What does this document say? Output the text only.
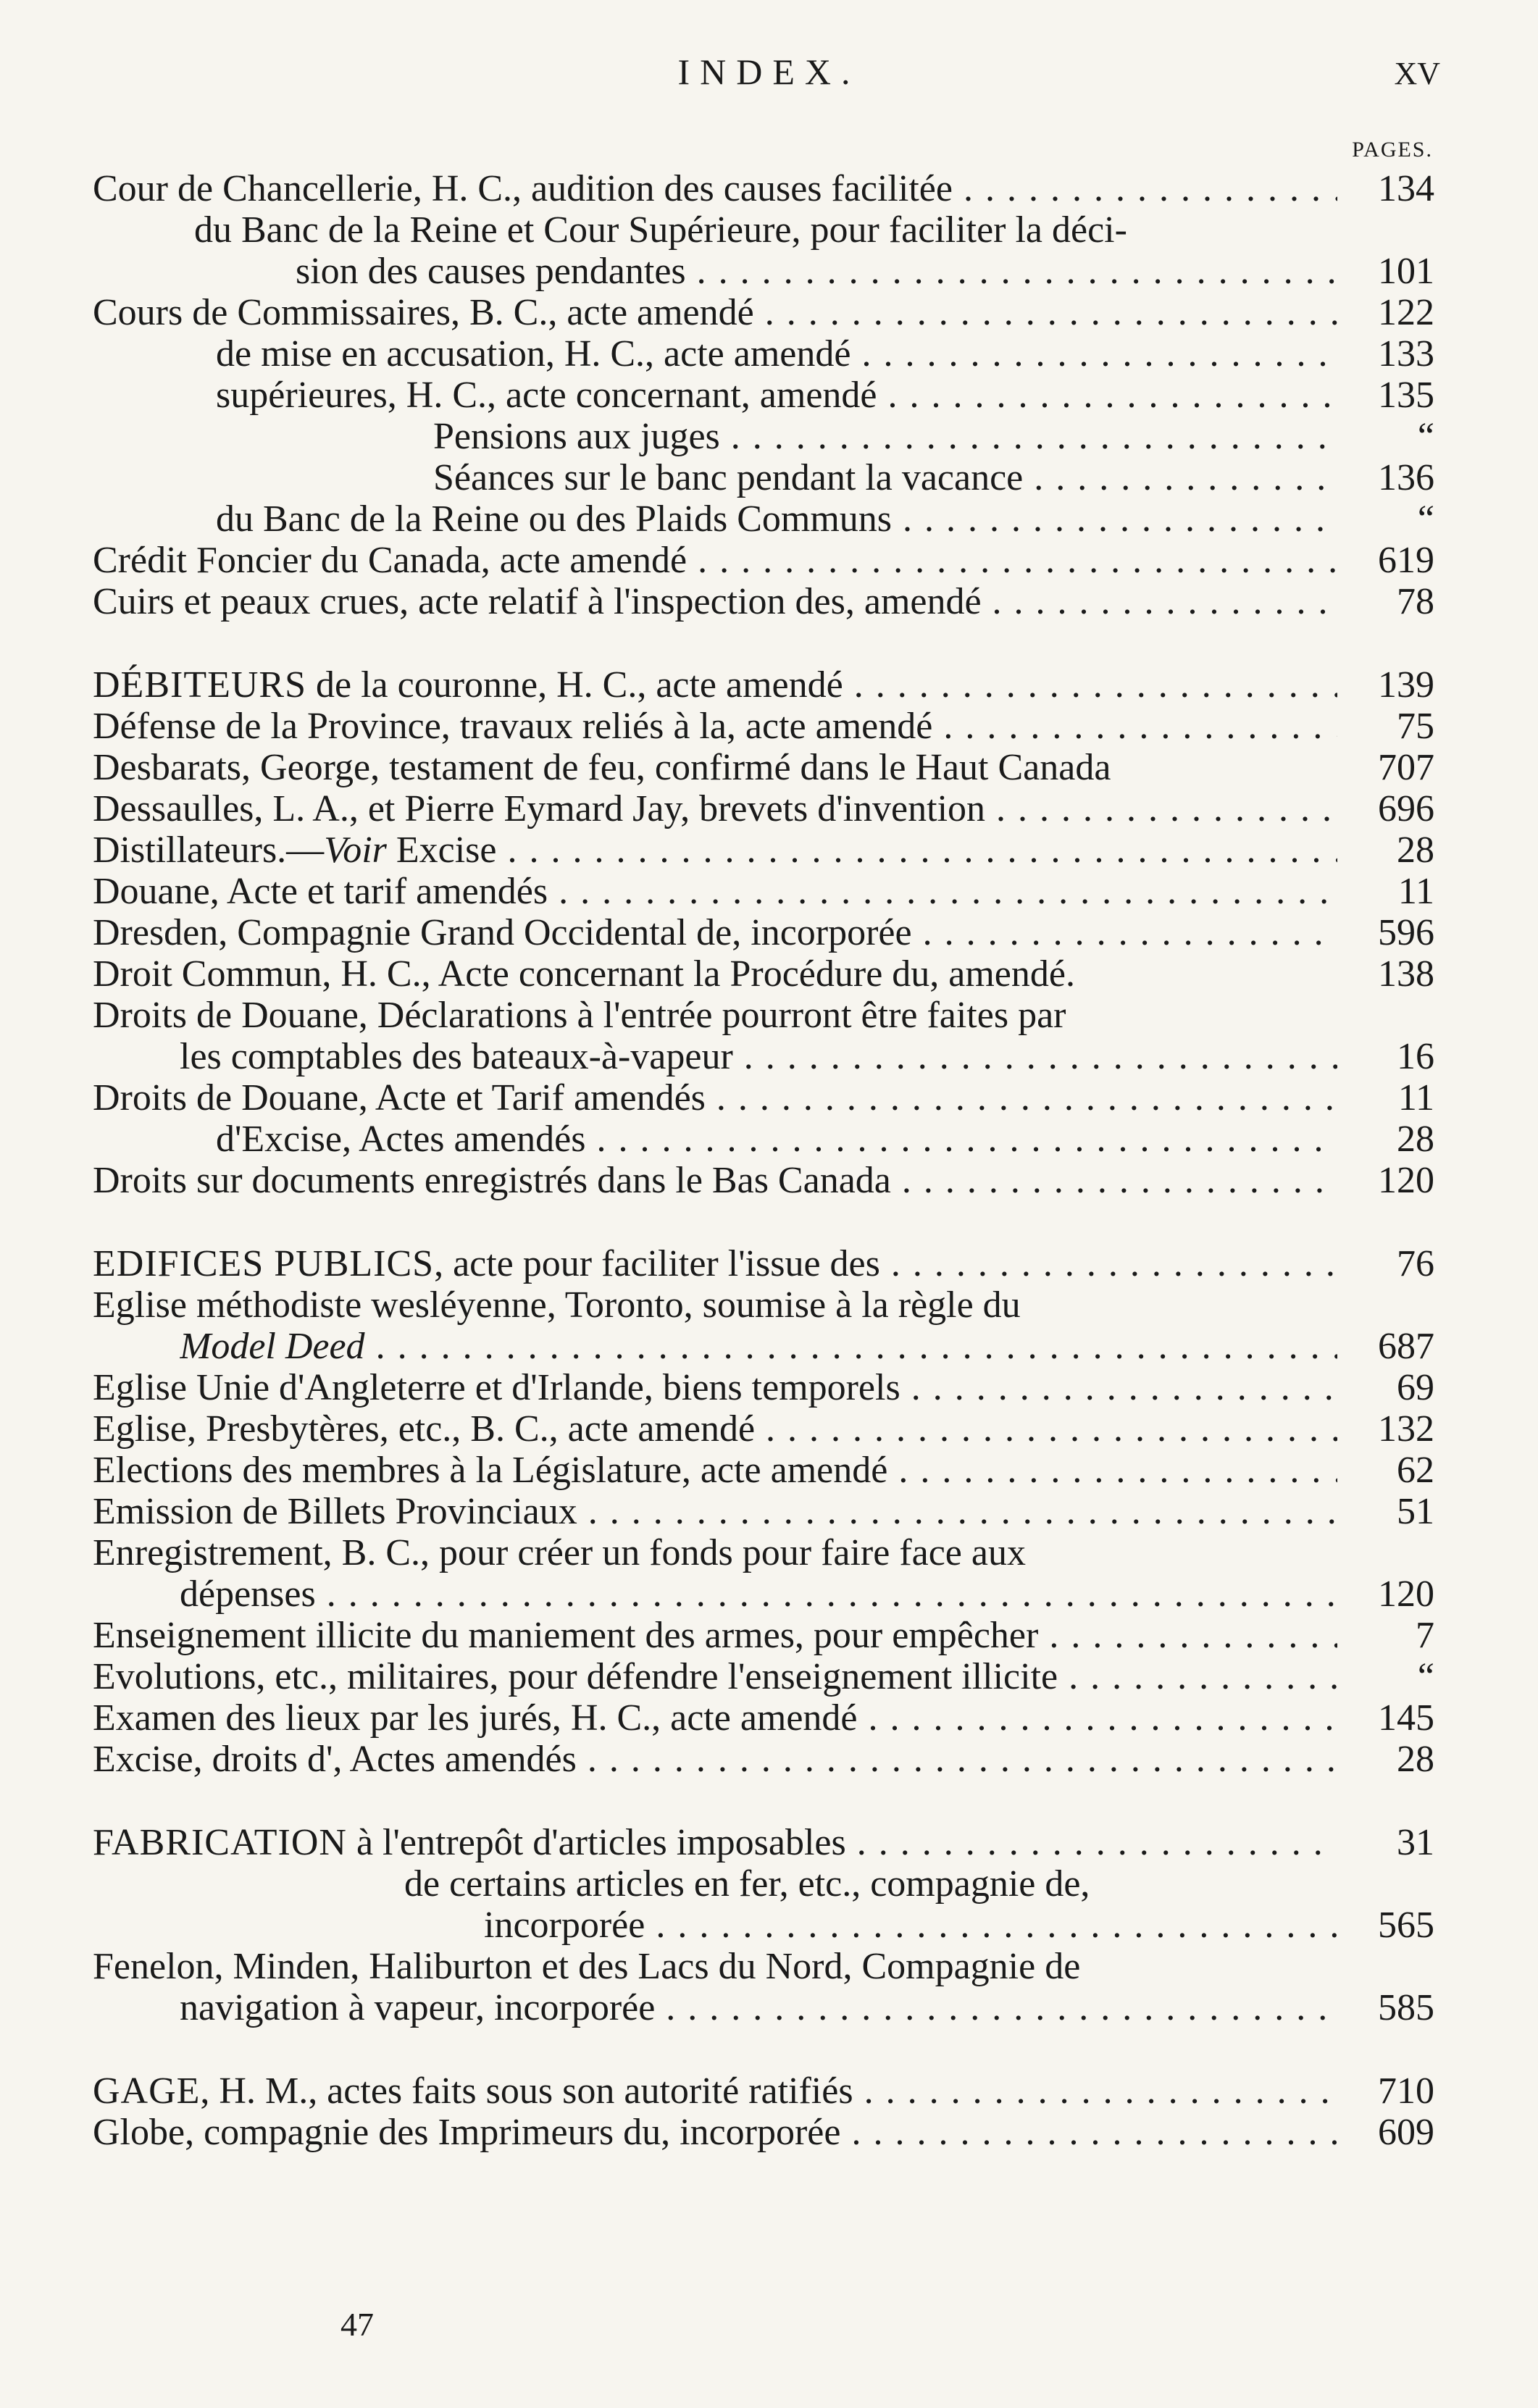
INDEX.	XV
PAGES.
Cour de Chancellerie, H. C., audition des causes facilitée . . .	134
du Banc de la Reine et Cour Supérieure, pour faciliter la déci-
sion des causes pendantes . . .	101
Cours de Commissaires, B. C., acte amendé . . .	122
de mise en accusation, H. C., acte amendé . . .	133
supérieures, H. C., acte concernant, amendé . . .	135
Pensions aux juges . . .	“
Séances sur le banc pendant la vacance . . .	136
du Banc de la Reine ou des Plaids Communs . . .	“
Crédit Foncier du Canada, acte amendé . . .	619
Cuirs et peaux crues, acte relatif à l'inspection des, amendé . . .	78
DÉBITEURS de la couronne, H. C., acte amendé . . .	139
Défense de la Province, travaux reliés à la, acte amendé . . .	75
Desbarats, George, testament de feu, confirmé dans le Haut Canada	707
Dessaulles, L. A., et Pierre Eymard Jay, brevets d'invention . . .	696
Distillateurs.—Voir Excise . . .	28
Douane, Acte et tarif amendés . . .	11
Dresden, Compagnie Grand Occidental de, incorporée . . .	596
Droit Commun, H. C., Acte concernant la Procédure du, amendé.	138
Droits de Douane, Déclarations à l'entrée pourront être faites par
les comptables des bateaux-à-vapeur . . .	16
Droits de Douane, Acte et Tarif amendés . . .	11
d'Excise, Actes amendés . . .	28
Droits sur documents enregistrés dans le Bas Canada . . .	120
EDIFICES PUBLICS, acte pour faciliter l'issue des . . .	76
Eglise méthodiste wesléyenne, Toronto, soumise à la règle du
Model Deed . . .	687
Eglise Unie d'Angleterre et d'Irlande, biens temporels . . .	69
Eglise, Presbytères, etc., B. C., acte amendé . . .	132
Elections des membres à la Législature, acte amendé . . .	62
Emission de Billets Provinciaux . . .	51
Enregistrement, B. C., pour créer un fonds pour faire face aux
dépenses . . .	120
Enseignement illicite du maniement des armes, pour empêcher . . .	7
Evolutions, etc., militaires, pour défendre l'enseignement illicite . . .	“
Examen des lieux par les jurés, H. C., acte amendé . . .	145
Excise, droits d', Actes amendés . . .	28
FABRICATION à l'entrepôt d'articles imposables . . .	31
de certains articles en fer, etc., compagnie de,
incorporée . . .	565
Fenelon, Minden, Haliburton et des Lacs du Nord, Compagnie de
navigation à vapeur, incorporée . . .	585
GAGE, H. M., actes faits sous son autorité ratifiés . . .	710
Globe, compagnie des Imprimeurs du, incorporée . . .	609
47
